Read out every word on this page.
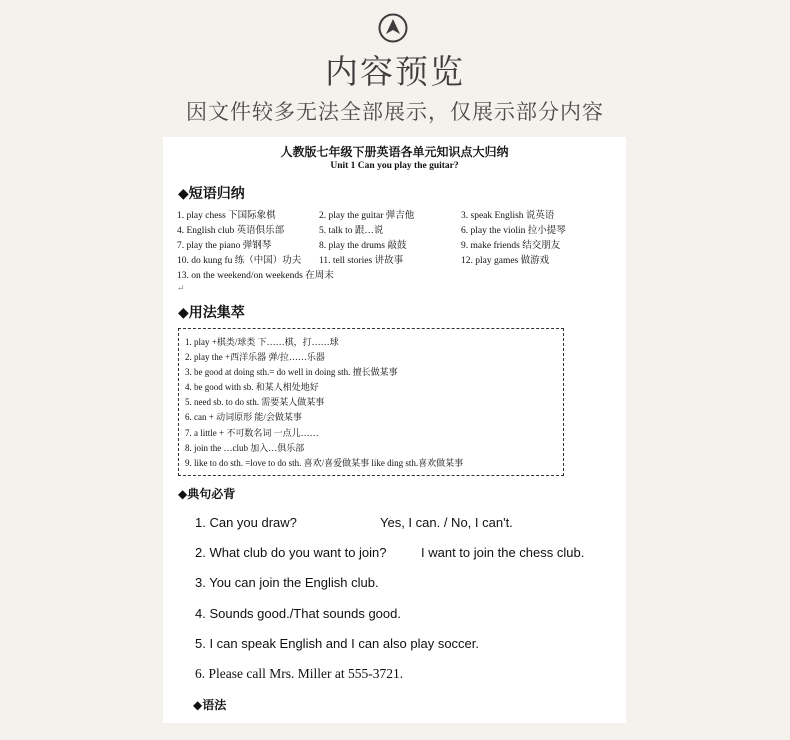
内容预览
因文件较多无法全部展示，仅展示部分内容
人教版七年级下册英语各单元知识点大归纳
Unit 1 Can you play the guitar?
◆短语归纳
1. play chess 下国际象棋	2. play the guitar 弹吉他	3. speak English 说英语
4. English club 英语俱乐部	5. talk to 跟…说	6. play the violin 拉小提琴
7. play the piano 弹钢琴	8. play the drums 敲鼓	9. make friends 结交朋友
10. do kung fu 练（中国）功夫 11. tell stories 讲故事	12. play games 做游戏
13. on the weekend/on weekends 在周末
↵
◆用法集萃
1. play +棋类/球类 下……棋，打……球
2. play the +西洋乐器 弹/拉……乐器
3. be good at doing sth.= do well in doing sth. 擅长做某事
4. be good with sb. 和某人相处地好
5. need sb. to do sth. 需要某人做某事
6. can + 动词原形 能/会做某事
7. a little + 不可数名词 一点儿……
8. join the …club 加入…俱乐部
9. like to do sth. =love to do sth. 喜欢/喜爱做某事 like ding sth.喜欢做某事
◆典句必背
1. Can you draw?	Yes, I can. / No, I can't.
2. What club do you want to join?	I want to join the chess club.
3. You can join the English club.
4. Sounds good./That sounds good.
5. I can speak English and I can also play soccer.
6. Please call Mrs. Miller at 555-3721.
◆语法
